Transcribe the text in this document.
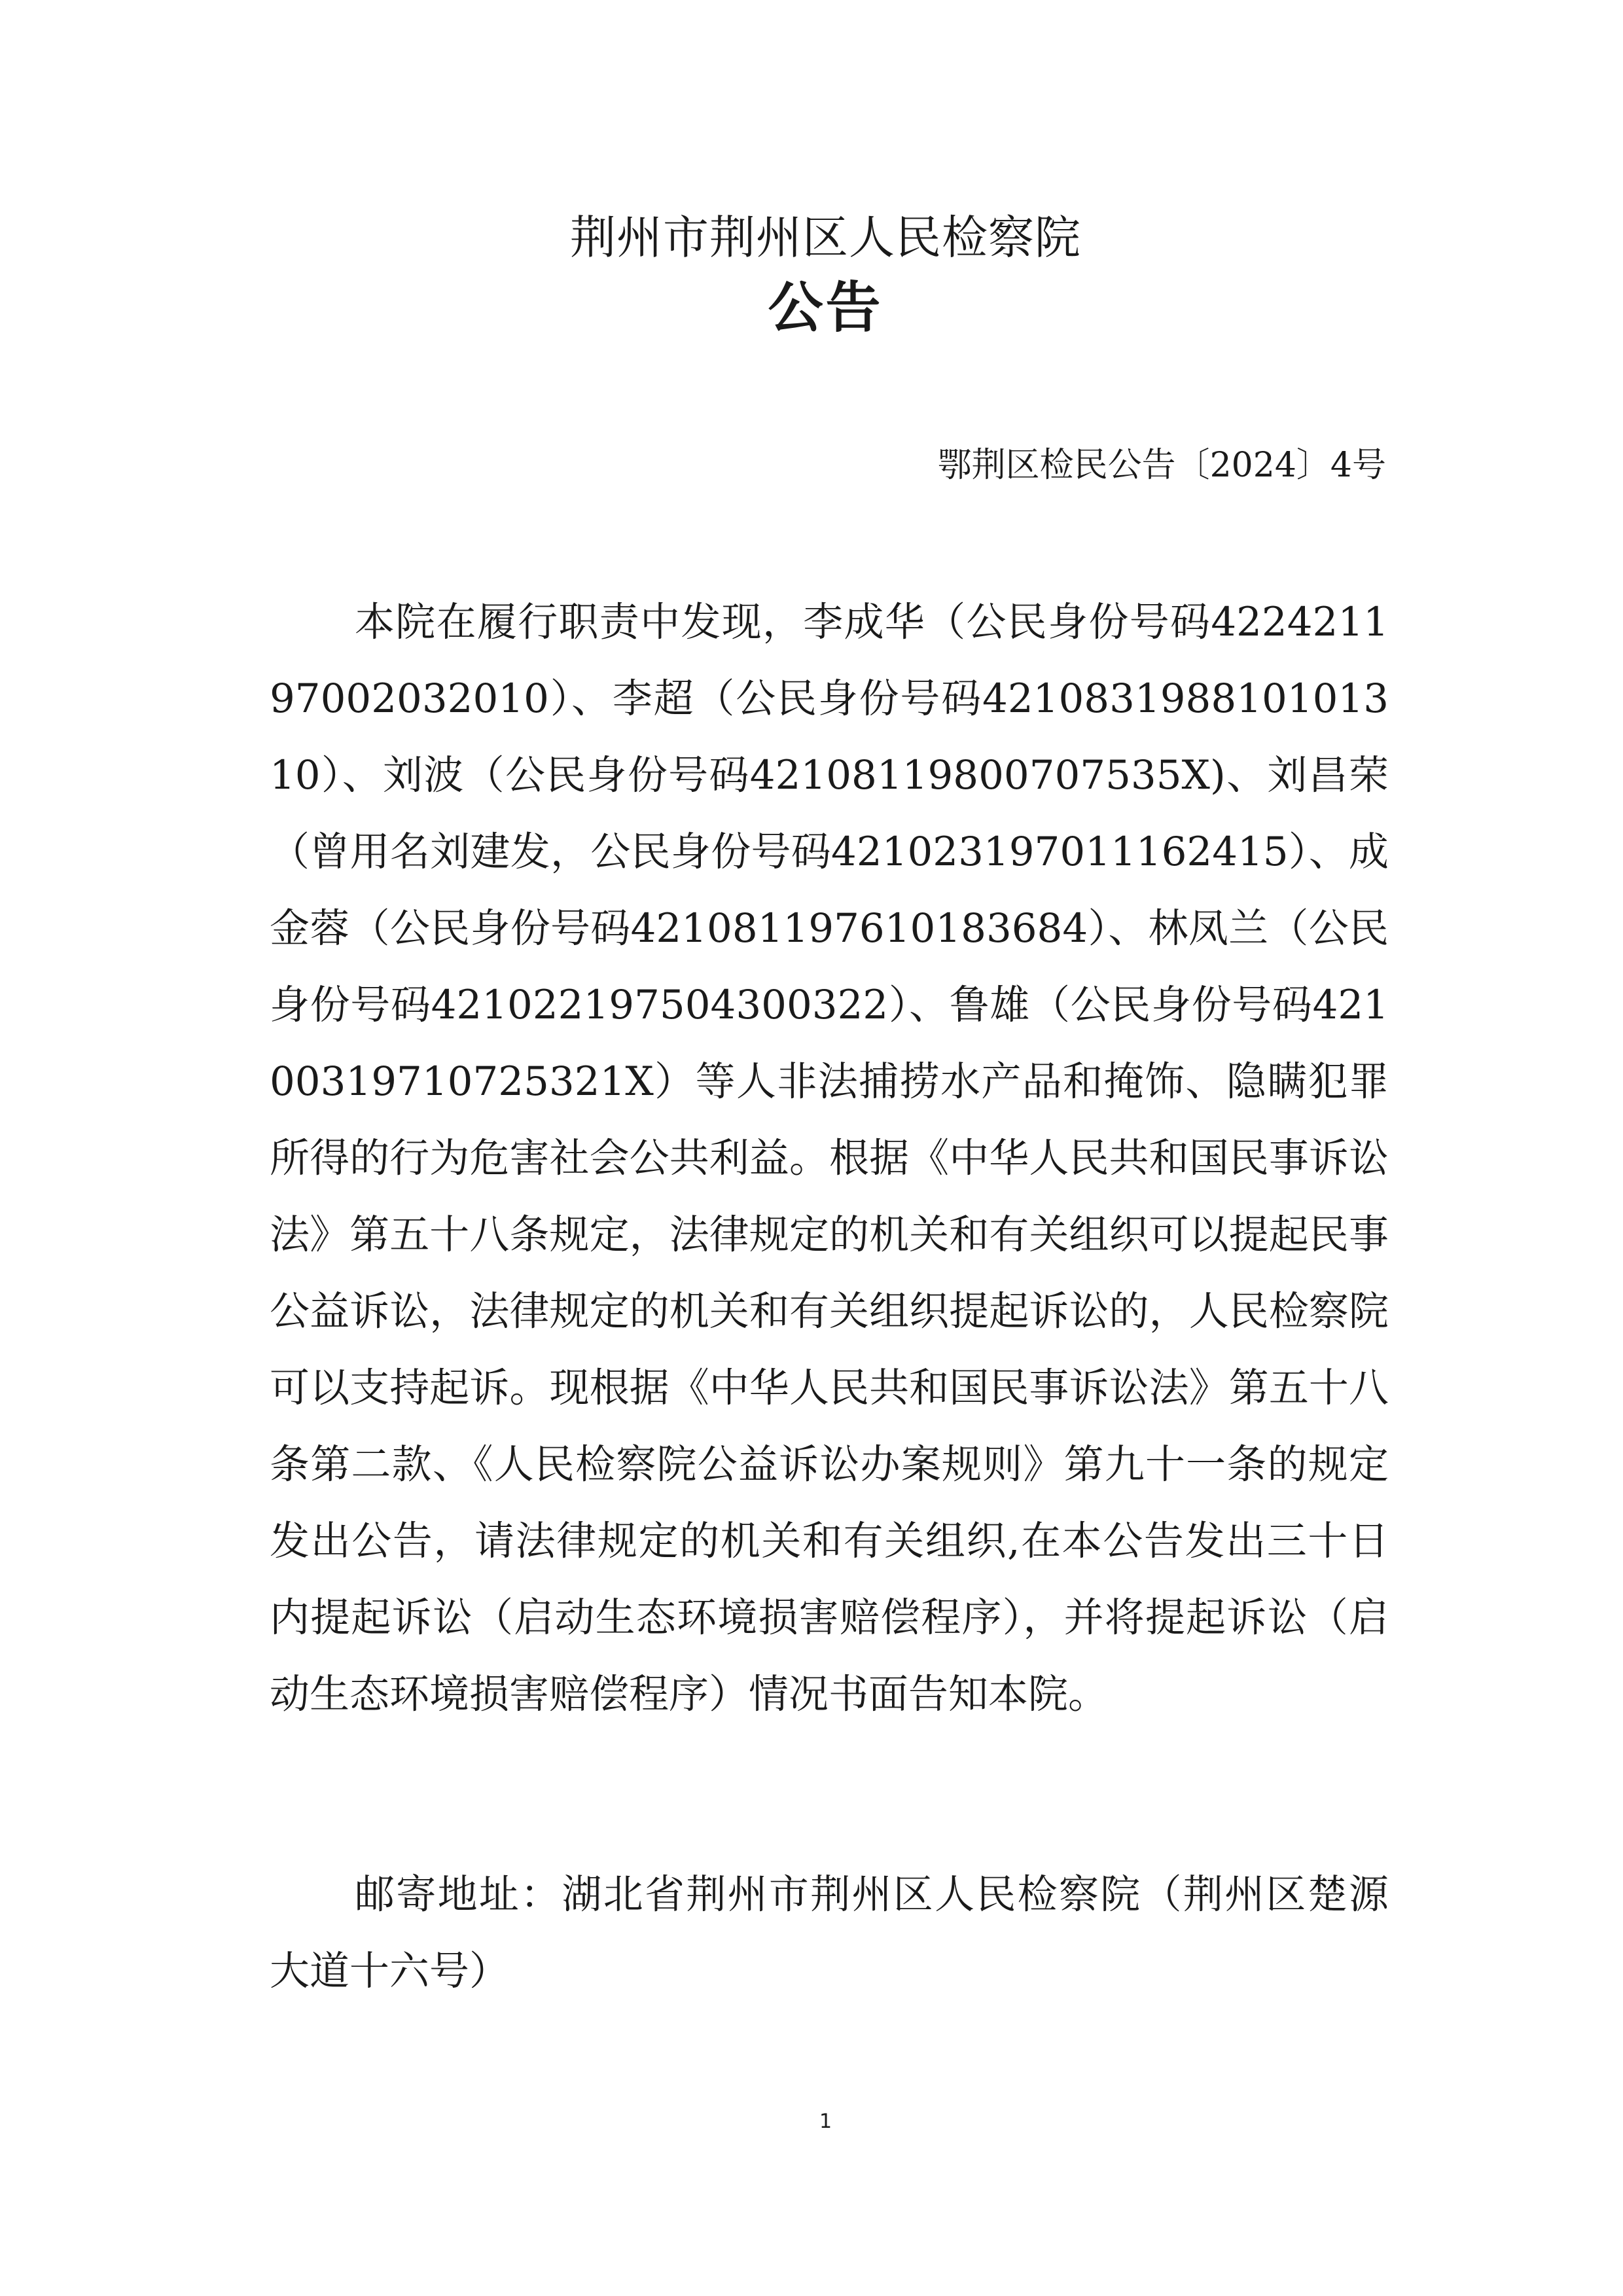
荆州市荆州区人民检察院
公告
鄂荆区检民公告〔2024〕4号

本院在履行职责中发现，李成华（公民身份号码422421197002032010）、李超（公民身份号码421083198810101310）、刘波（公民身份号码42108119800707535X)、刘昌荣（曾用名刘建发，公民身份号码421023197011162415）、成金蓉（公民身份号码421081197610183684）、林凤兰（公民身份号码421022197504300322）、鲁雄（公民身份号码42100319710725321X）等人非法捕捞水产品和掩饰、隐瞒犯罪所得的行为危害社会公共利益。根据《中华人民共和国民事诉讼法》第五十八条规定，法律规定的机关和有关组织可以提起民事公益诉讼，法律规定的机关和有关组织提起诉讼的，人民检察院可以支持起诉。现根据《中华人民共和国民事诉讼法》第五十八条第二款、《人民检察院公益诉讼办案规则》第九十一条的规定发出公告，请法律规定的机关和有关组织,在本公告发出三十日内提起诉讼（启动生态环境损害赔偿程序），并将提起诉讼（启动生态环境损害赔偿程序）情况书面告知本院。

邮寄地址：湖北省荆州市荆州区人民检察院（荆州区楚源大道十六号）

1
